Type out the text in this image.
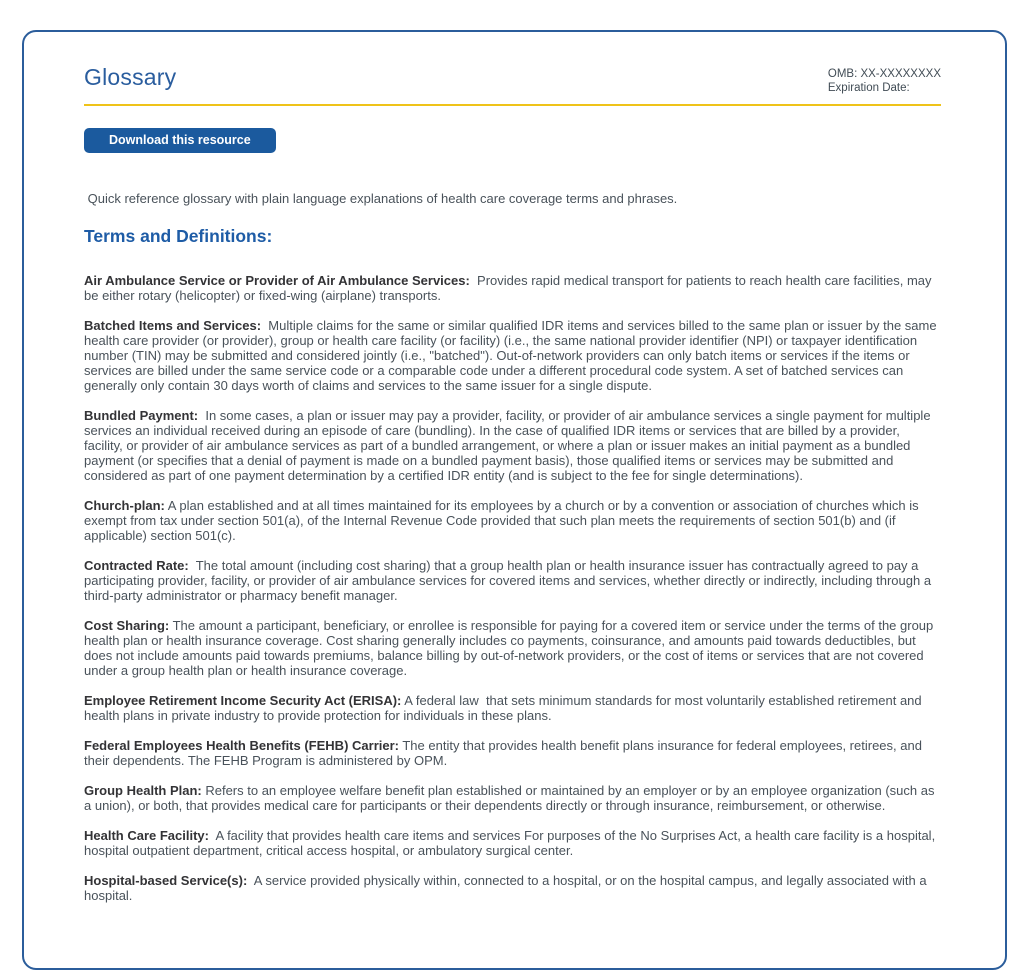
Glossary	OMB: XX-XXXXXXXX
Expiration Date:
Download this resource

Quick reference glossary with plain language explanations of health care coverage terms and phrases.

Terms and Definitions:

Air Ambulance Service or Provider of Air Ambulance Services:  Provides rapid medical transport for patients to reach health care facilities, may be either rotary (helicopter) or fixed-wing (airplane) transports.

Batched Items and Services:  Multiple claims for the same or similar qualified IDR items and services billed to the same plan or issuer by the same health care provider (or provider), group or health care facility (or facility) (i.e., the same national provider identifier (NPI) or taxpayer identification number (TIN) may be submitted and considered jointly (i.e., "batched"). Out-of-network providers can only batch items or services if the items or services are billed under the same service code or a comparable code under a different procedural code system. A set of batched services can generally only contain 30 days worth of claims and services to the same issuer for a single dispute.

Bundled Payment:  In some cases, a plan or issuer may pay a provider, facility, or provider of air ambulance services a single payment for multiple services an individual received during an episode of care (bundling). In the case of qualified IDR items or services that are billed by a provider, facility, or provider of air ambulance services as part of a bundled arrangement, or where a plan or issuer makes an initial payment as a bundled payment (or specifies that a denial of payment is made on a bundled payment basis), those qualified items or services may be submitted and considered as part of one payment determination by a certified IDR entity (and is subject to the fee for single determinations).

Church-plan: A plan established and at all times maintained for its employees by a church or by a convention or association of churches which is exempt from tax under section 501(a), of the Internal Revenue Code provided that such plan meets the requirements of section 501(b) and (if applicable) section 501(c).

Contracted Rate:  The total amount (including cost sharing) that a group health plan or health insurance issuer has contractually agreed to pay a participating provider, facility, or provider of air ambulance services for covered items and services, whether directly or indirectly, including through a third-party administrator or pharmacy benefit manager.

Cost Sharing: The amount a participant, beneficiary, or enrollee is responsible for paying for a covered item or service under the terms of the group health plan or health insurance coverage. Cost sharing generally includes co payments, coinsurance, and amounts paid towards deductibles, but does not include amounts paid towards premiums, balance billing by out-of-network providers, or the cost of items or services that are not covered under a group health plan or health insurance coverage.

Employee Retirement Income Security Act (ERISA): A federal law  that sets minimum standards for most voluntarily established retirement and health plans in private industry to provide protection for individuals in these plans.

Federal Employees Health Benefits (FEHB) Carrier: The entity that provides health benefit plans insurance for federal employees, retirees, and their dependents. The FEHB Program is administered by OPM.

Group Health Plan: Refers to an employee welfare benefit plan established or maintained by an employer or by an employee organization (such as a union), or both, that provides medical care for participants or their dependents directly or through insurance, reimbursement, or otherwise.

Health Care Facility:  A facility that provides health care items and services For purposes of the No Surprises Act, a health care facility is a hospital, hospital outpatient department, critical access hospital, or ambulatory surgical center.

Hospital-based Service(s):  A service provided physically within, connected to a hospital, or on the hospital campus, and legally associated with a hospital.
